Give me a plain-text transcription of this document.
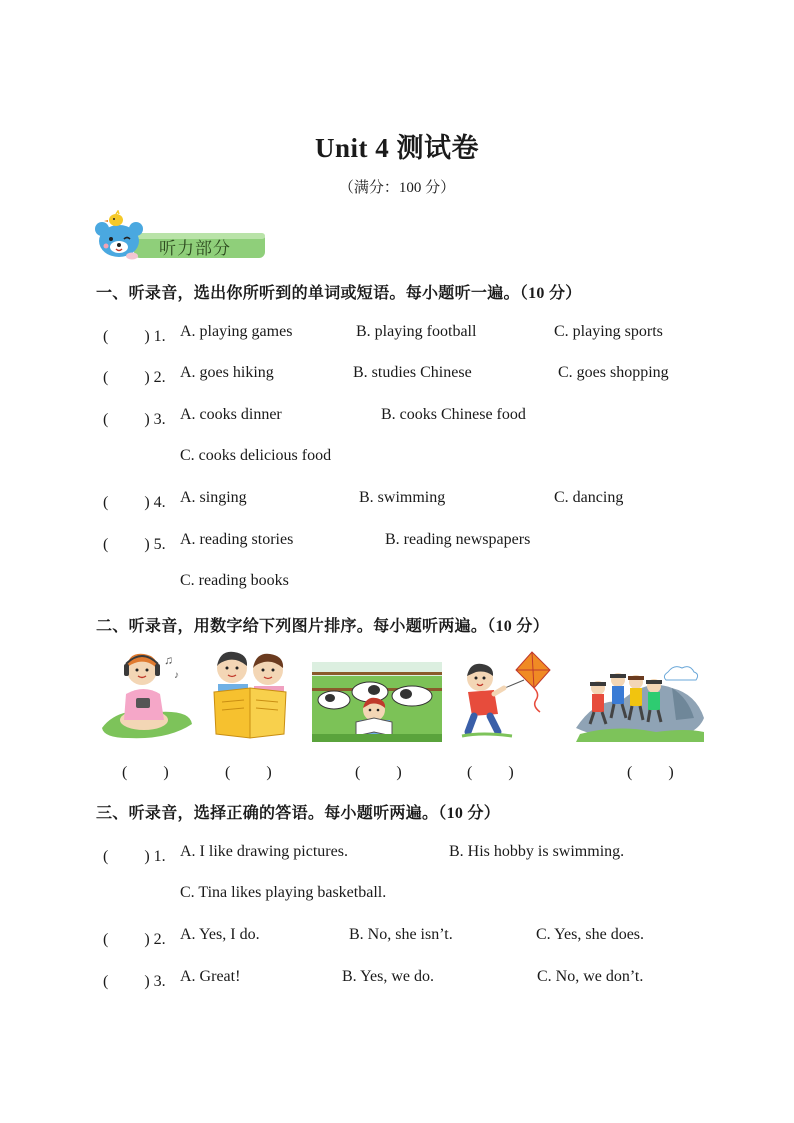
Unit 4 测试卷
（满分：100 分）
听力部分
一、听录音，选出你所听到的单词或短语。每小题听一遍。（10 分）
(　　 ) 1. A. playing games	B. playing football	C. playing sports
(　　 ) 2. A. goes hiking	B. studies Chinese	C. goes shopping
(　　 ) 3. A. cooks dinner	B. cooks Chinese food
C. cooks delicious food
(　　 ) 4. A. singing	B. swimming	C. dancing
(　　 ) 5. A. reading stories	B. reading newspapers
C. reading books
二、听录音，用数字给下列图片排序。每小题听两遍。（10 分）
♫
♪
(　　 )	(　　 )	(　　 )	(　　 )	(　　 )
三、听录音，选择正确的答语。每小题听两遍。（10 分）
(　　 ) 1. A. I like drawing pictures.	B. His hobby is swimming.
C. Tina likes playing basketball.
(　　 ) 2. A. Yes, I do.	B. No, she isn’t.	C. Yes, she does.
(　　 ) 3. A. Great!	B. Yes, we do.	C. No, we don’t.
